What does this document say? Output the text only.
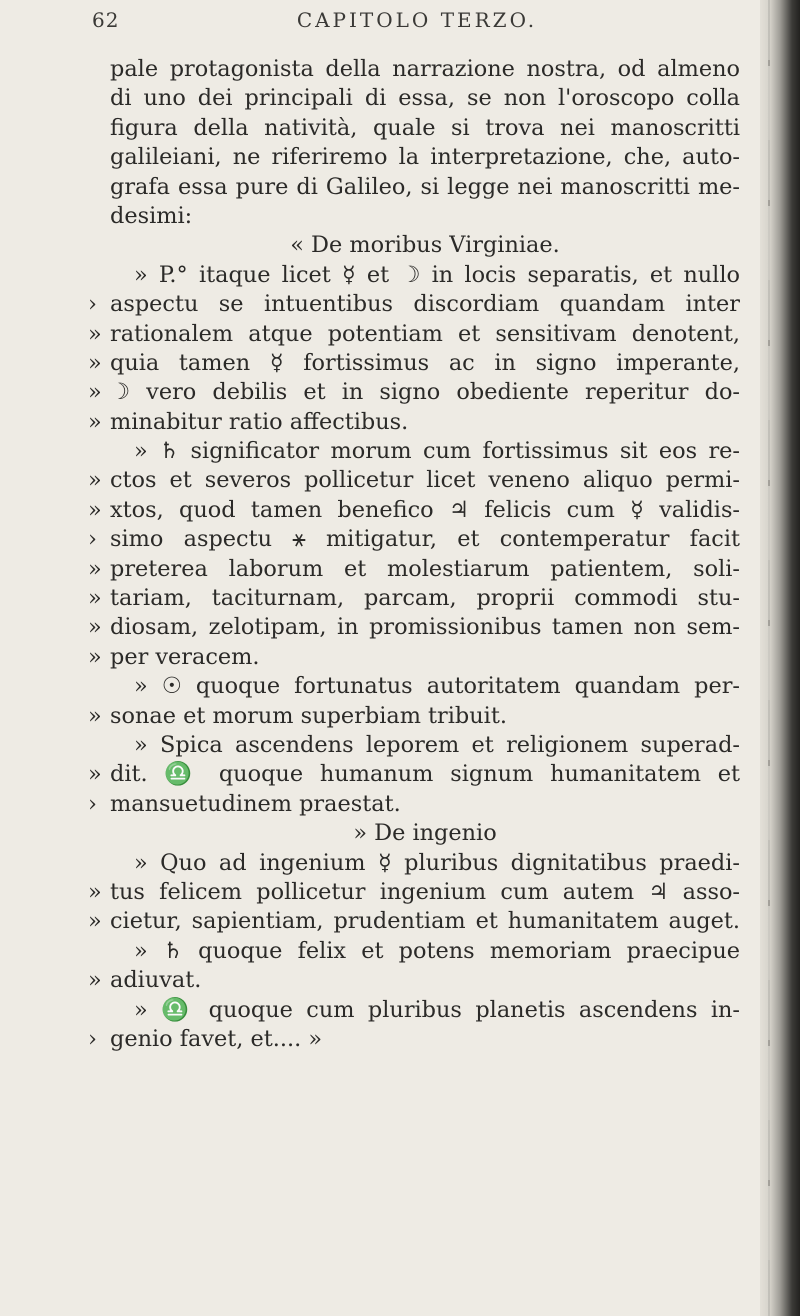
62	CAPITOLO TERZO.
pale protagonista della narrazione nostra, od almeno
di uno dei principali di essa, se non l'oroscopo colla
figura della natività, quale si trova nei manoscritti
galileiani, ne riferiremo la interpretazione, che, auto-
grafa essa pure di Galileo, si legge nei manoscritti me-
desimi:
« De moribus Virginiae.
» P.° itaque licet ☿ et ☽ in locis separatis, et nullo
› aspectu se intuentibus discordiam quandam inter
» rationalem atque potentiam et sensitivam denotent,
» quia tamen ☿ fortissimus ac in signo imperante,
» ☽ vero debilis et in signo obediente reperitur do-
» minabitur ratio affectibus.
» ♄ significator morum cum fortissimus sit eos re-
» ctos et severos pollicetur licet veneno aliquo permi-
» xtos, quod tamen benefico ♃ felicis cum ☿ validis-
› simo aspectu ⚹ mitigatur, et contemperatur facit
» preterea laborum et molestiarum patientem, soli-
» tariam, taciturnam, parcam, proprii commodi stu-
» diosam, zelotipam, in promissionibus tamen non sem-
» per veracem.
» ☉ quoque fortunatus autoritatem quandam per-
» sonae et morum superbiam tribuit.
» Spica ascendens leporem et religionem superad-
» dit. ♎ quoque humanum signum humanitatem et
› mansuetudinem praestat.
» De ingenio
» Quo ad ingenium ☿ pluribus dignitatibus praedi-
» tus felicem pollicetur ingenium cum autem ♃ asso-
» cietur, sapientiam, prudentiam et humanitatem auget.
» ♄ quoque felix et potens memoriam praecipue
» adiuvat.
» ♎ quoque cum pluribus planetis ascendens in-
› genio favet, et.... »
